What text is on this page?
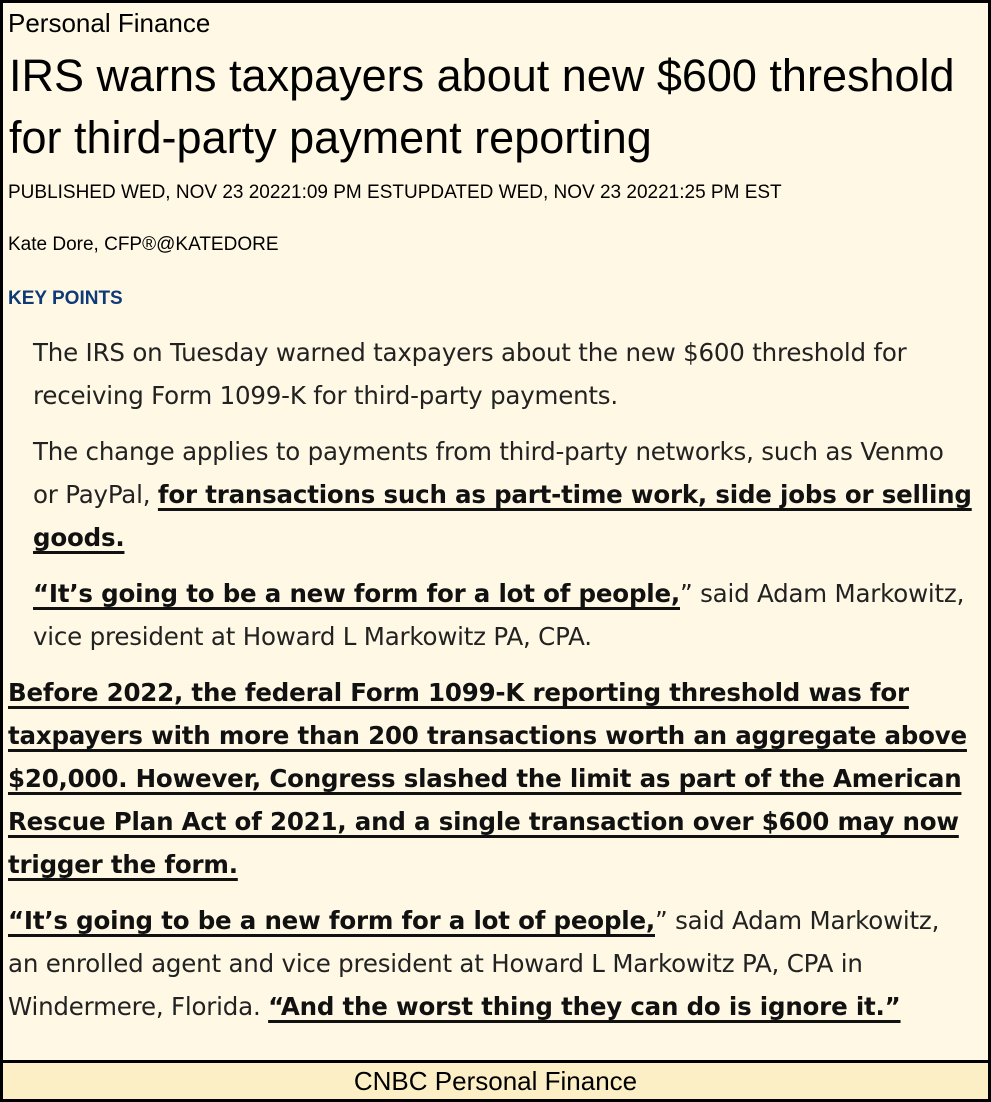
Personal Finance
IRS warns taxpayers about new $600 threshold for third-party payment reporting
PUBLISHED WED, NOV 23 20221:09 PM ESTUPDATED WED, NOV 23 20221:25 PM EST
Kate Dore, CFP®@KATEDORE
KEY POINTS
The IRS on Tuesday warned taxpayers about the new $600 threshold for receiving Form 1099-K for third-party payments.
The change applies to payments from third-party networks, such as Venmo or PayPal, for transactions such as part-time work, side jobs or selling goods.
“It’s going to be a new form for a lot of people,” said Adam Markowitz, vice president at Howard L Markowitz PA, CPA.
Before 2022, the federal Form 1099-K reporting threshold was for taxpayers with more than 200 transactions worth an aggregate above $20,000. However, Congress slashed the limit as part of the American Rescue Plan Act of 2021, and a single transaction over $600 may now trigger the form.
“It’s going to be a new form for a lot of people,” said Adam Markowitz, an enrolled agent and vice president at Howard L Markowitz PA, CPA in Windermere, Florida. “And the worst thing they can do is ignore it.”
CNBC Personal Finance
